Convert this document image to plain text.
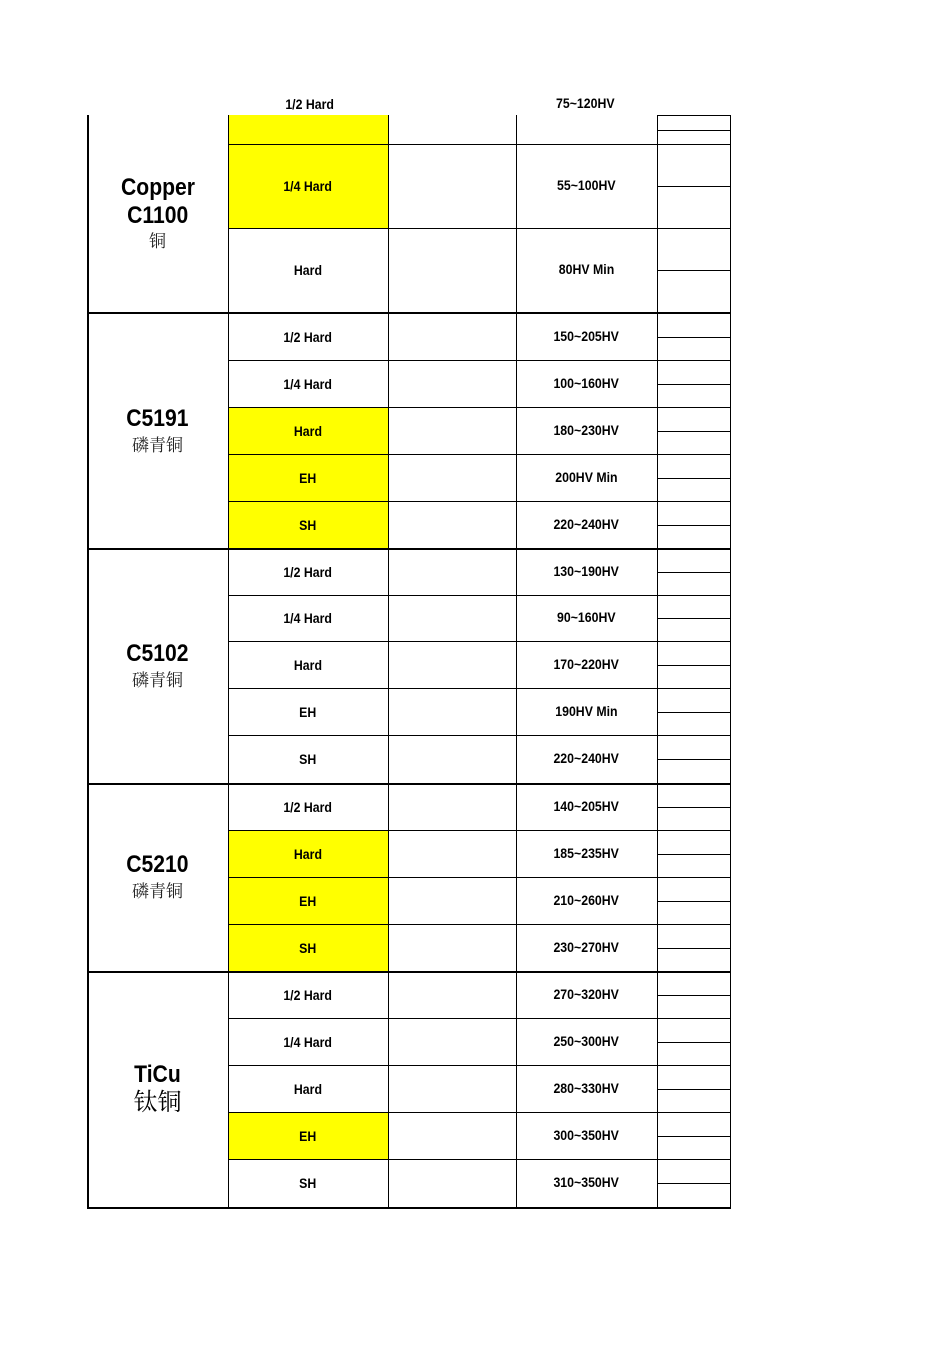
1/2 Hard	75~120HV
Copper
C1100
铜
1/4 Hard	55~100HV
Hard	80HV Min
C5191
磷青铜
1/2 Hard	150~205HV
1/4 Hard	100~160HV
Hard	180~230HV
EH	200HV Min
SH	220~240HV
C5102
磷青铜
1/2 Hard	130~190HV
1/4 Hard	90~160HV
Hard	170~220HV
EH	190HV Min
SH	220~240HV
C5210
磷青铜
1/2 Hard	140~205HV
Hard	185~235HV
EH	210~260HV
SH	230~270HV
TiCu
钛铜
1/2 Hard	270~320HV
1/4 Hard	250~300HV
Hard	280~330HV
EH	300~350HV
SH	310~350HV
